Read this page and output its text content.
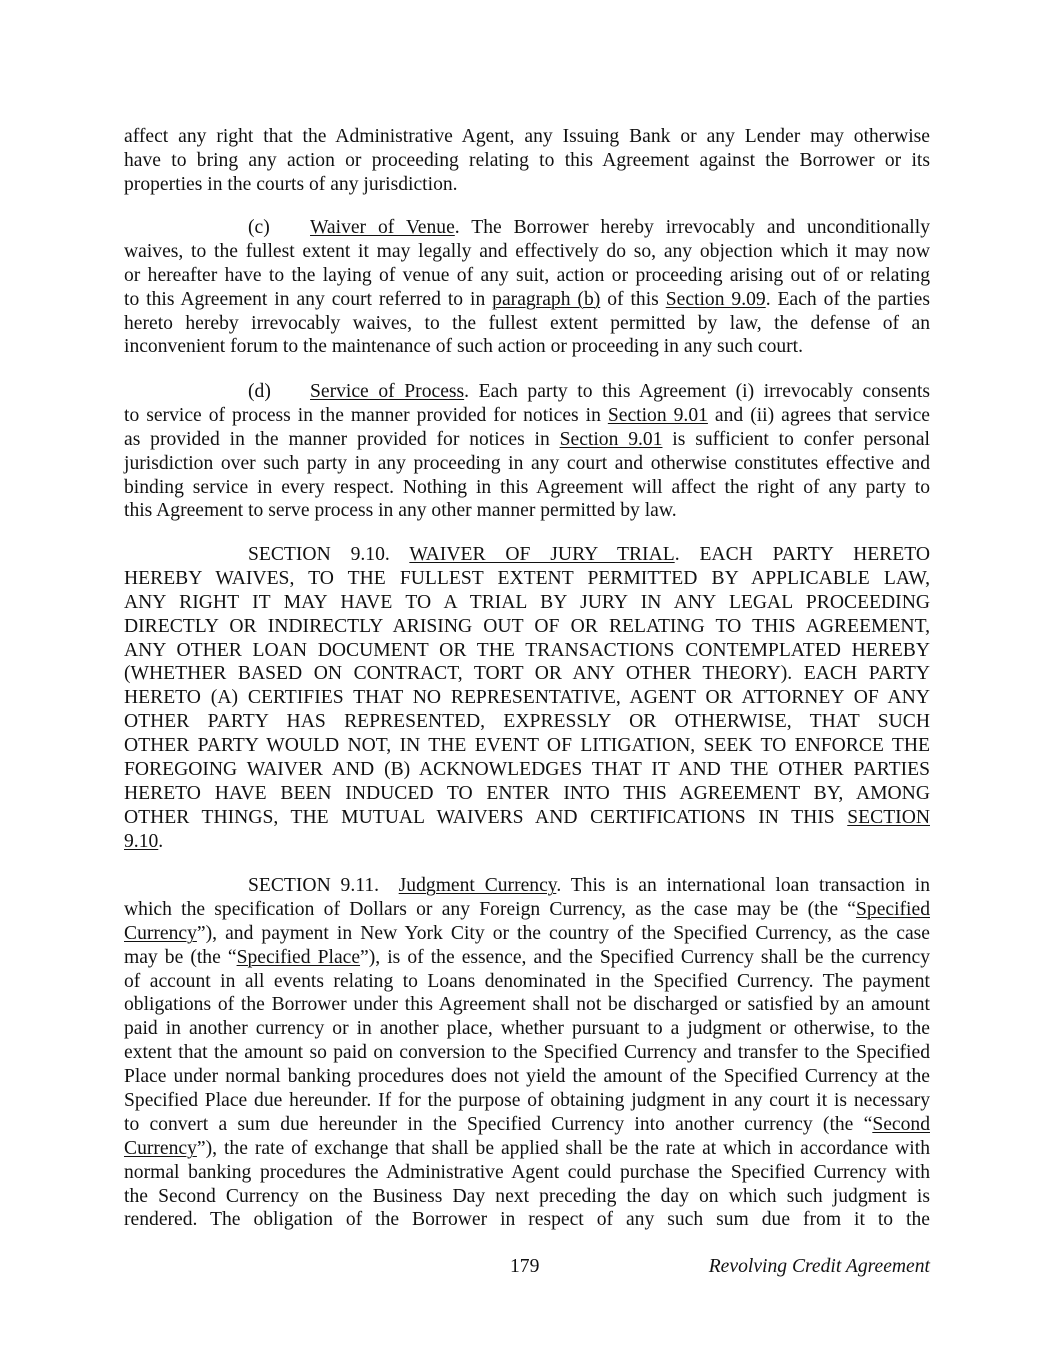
affect any right that the Administrative Agent, any Issuing Bank or any Lender may otherwise
have to bring any action or proceeding relating to this Agreement against the Borrower or its
properties in the courts of any jurisdiction.
(c) Waiver of Venue. The Borrower hereby irrevocably and unconditionally
waives, to the fullest extent it may legally and effectively do so, any objection which it may now
or hereafter have to the laying of venue of any suit, action or proceeding arising out of or relating
to this Agreement in any court referred to in paragraph (b) of this Section 9.09. Each of the parties
hereto hereby irrevocably waives, to the fullest extent permitted by law, the defense of an
inconvenient forum to the maintenance of such action or proceeding in any such court.
(d) Service of Process. Each party to this Agreement (i) irrevocably consents
to service of process in the manner provided for notices in Section 9.01 and (ii) agrees that service
as provided in the manner provided for notices in Section 9.01 is sufficient to confer personal
jurisdiction over such party in any proceeding in any court and otherwise constitutes effective and
binding service in every respect. Nothing in this Agreement will affect the right of any party to
this Agreement to serve process in any other manner permitted by law.
SECTION 9.10. WAIVER OF JURY TRIAL. EACH PARTY HERETO
HEREBY WAIVES, TO THE FULLEST EXTENT PERMITTED BY APPLICABLE LAW,
ANY RIGHT IT MAY HAVE TO A TRIAL BY JURY IN ANY LEGAL PROCEEDING
DIRECTLY OR INDIRECTLY ARISING OUT OF OR RELATING TO THIS AGREEMENT,
ANY OTHER LOAN DOCUMENT OR THE TRANSACTIONS CONTEMPLATED HEREBY
(WHETHER BASED ON CONTRACT, TORT OR ANY OTHER THEORY). EACH PARTY
HERETO (A) CERTIFIES THAT NO REPRESENTATIVE, AGENT OR ATTORNEY OF ANY
OTHER PARTY HAS REPRESENTED, EXPRESSLY OR OTHERWISE, THAT SUCH
OTHER PARTY WOULD NOT, IN THE EVENT OF LITIGATION, SEEK TO ENFORCE THE
FOREGOING WAIVER AND (B) ACKNOWLEDGES THAT IT AND THE OTHER PARTIES
HERETO HAVE BEEN INDUCED TO ENTER INTO THIS AGREEMENT BY, AMONG
OTHER THINGS, THE MUTUAL WAIVERS AND CERTIFICATIONS IN THIS SECTION
9.10.
SECTION 9.11. Judgment Currency. This is an international loan transaction in
which the specification of Dollars or any Foreign Currency, as the case may be (the “Specified
Currency”), and payment in New York City or the country of the Specified Currency, as the case
may be (the “Specified Place”), is of the essence, and the Specified Currency shall be the currency
of account in all events relating to Loans denominated in the Specified Currency. The payment
obligations of the Borrower under this Agreement shall not be discharged or satisfied by an amount
paid in another currency or in another place, whether pursuant to a judgment or otherwise, to the
extent that the amount so paid on conversion to the Specified Currency and transfer to the Specified
Place under normal banking procedures does not yield the amount of the Specified Currency at the
Specified Place due hereunder. If for the purpose of obtaining judgment in any court it is necessary
to convert a sum due hereunder in the Specified Currency into another currency (the “Second
Currency”), the rate of exchange that shall be applied shall be the rate at which in accordance with
normal banking procedures the Administrative Agent could purchase the Specified Currency with
the Second Currency on the Business Day next preceding the day on which such judgment is
rendered. The obligation of the Borrower in respect of any such sum due from it to the
179	Revolving Credit Agreement
